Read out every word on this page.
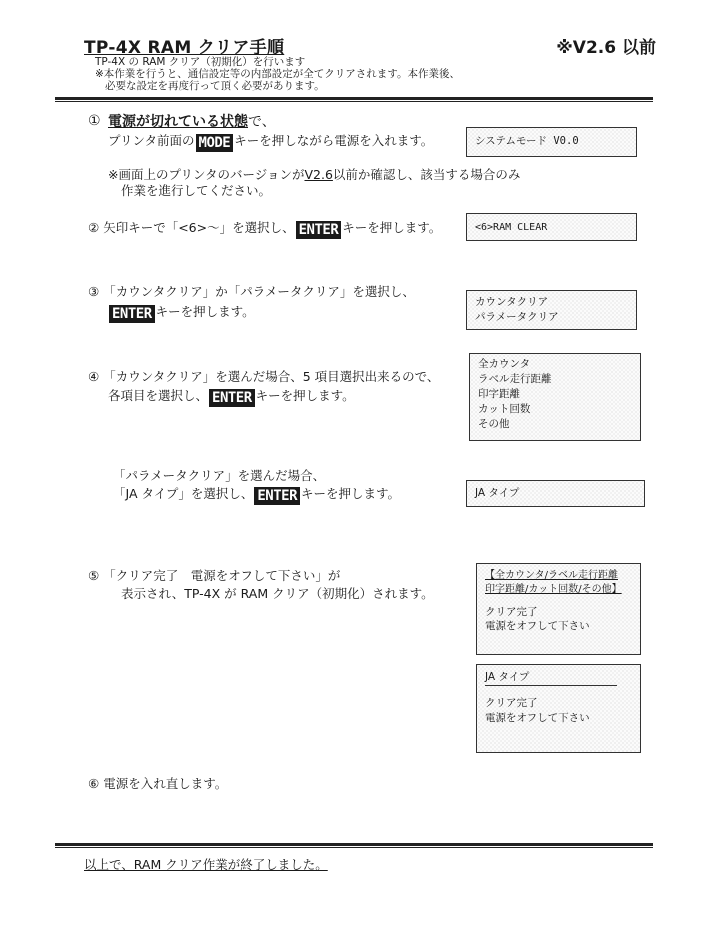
TP-4X RAM クリア手順	※V2.6 以前
TP-4X の RAM クリア（初期化）を行います
※本作業を行うと、通信設定等の内部設定が全てクリアされます。本作業後、
必要な設定を再度行って頂く必要があります。
① 電源が切れている状態で、
プリンタ前面の MODE キーを押しながら電源を入れます。	システムモード V0.0
※画面上のプリンタのバージョンがV2.6以前か確認し、該当する場合のみ
作業を進行してください。
② 矢印キーで「<6>〜」を選択し、 ENTER キーを押します。	<6>RAM CLEAR
③ 「カウンタクリア」か「パラメータクリア」を選択し、
ENTER キーを押します。
カウンタクリア
パラメータクリア
④ 「カウンタクリア」を選んだ場合、5 項目選択出来るので、
各項目を選択し、 ENTER キーを押します。
全カウンタ
ラベル走行距離
印字距離
カット回数
その他
「パラメータクリア」を選んだ場合、
「JA タイプ」を選択し、 ENTER キーを押します。	JA タイプ
⑤ 「クリア完了　電源をオフして下さい」が
表示され、TP-4X が RAM クリア（初期化）されます。
【全カウンタ/ラベル走行距離
印字距離/カット回数/その他】
クリア完了
電源をオフして下さい
JA タイプ
クリア完了
電源をオフして下さい
⑥ 電源を入れ直します。
以上で、RAM クリア作業が終了しました。
